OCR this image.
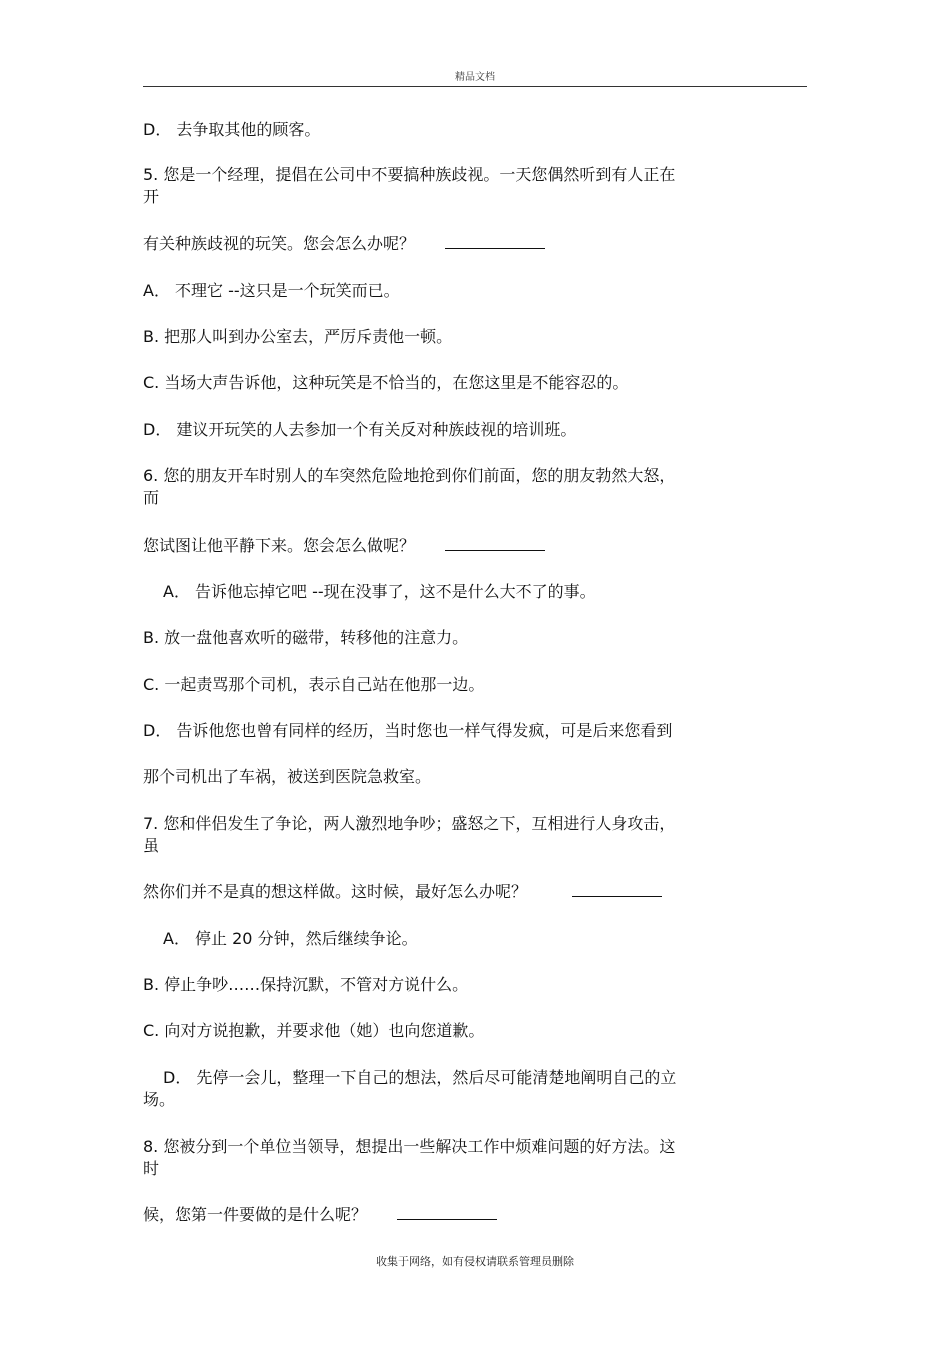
精品文档
D． 去争取其他的顾客。
5. 您是一个经理，提倡在公司中不要搞种族歧视。一天您偶然听到有人正在
开
有关种族歧视的玩笑。您会怎么办呢？
A． 不理它 --这只是一个玩笑而已。
B. 把那人叫到办公室去，严厉斥责他一顿。
C. 当场大声告诉他，这种玩笑是不恰当的，在您这里是不能容忍的。
D． 建议开玩笑的人去参加一个有关反对种族歧视的培训班。
6. 您的朋友开车时别人的车突然危险地抢到你们前面，您的朋友勃然大怒，
而
您试图让他平静下来。您会怎么做呢？
A． 告诉他忘掉它吧 --现在没事了，这不是什么大不了的事。
B. 放一盘他喜欢听的磁带，转移他的注意力。
C. 一起责骂那个司机，表示自己站在他那一边。
D． 告诉他您也曾有同样的经历，当时您也一样气得发疯，可是后来您看到
那个司机出了车祸，被送到医院急救室。
7. 您和伴侣发生了争论，两人激烈地争吵；盛怒之下，互相进行人身攻击，
虽
然你们并不是真的想这样做。这时候，最好怎么办呢？
A． 停止 20 分钟，然后继续争论。
B. 停止争吵……保持沉默，不管对方说什么。
C. 向对方说抱歉，并要求他（她）也向您道歉。
D． 先停一会儿，整理一下自己的想法，然后尽可能清楚地阐明自己的立
场。
8. 您被分到一个单位当领导，想提出一些解决工作中烦难问题的好方法。这
时
候，您第一件要做的是什么呢？
收集于网络，如有侵权请联系管理员删除
